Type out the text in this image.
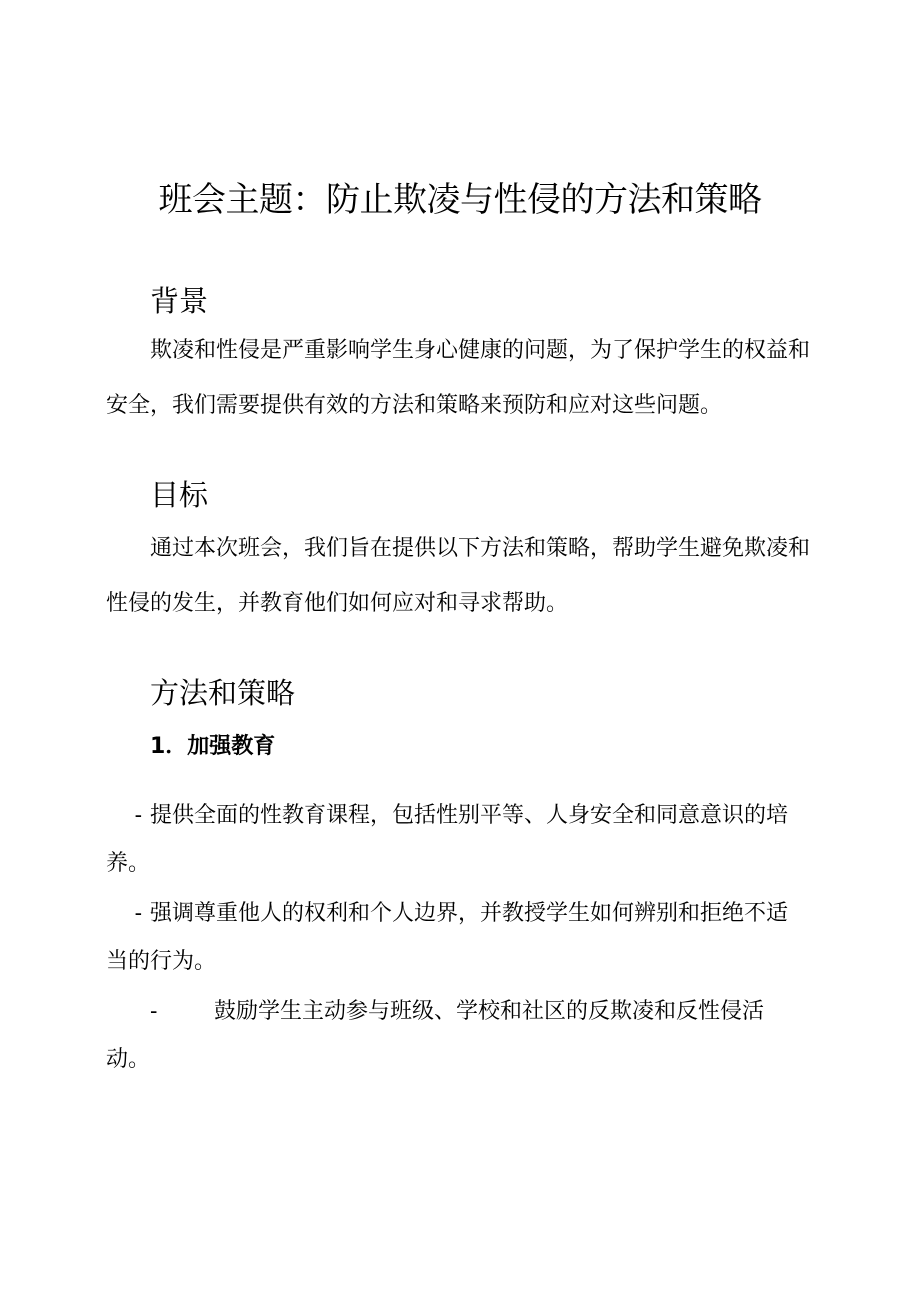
班会主题：防止欺凌与性侵的方法和策略
背景

欺凌和性侵是严重影响学生身心健康的问题，为了保护学生的权益和安全，我们需要提供有效的方法和策略来预防和应对这些问题。

目标

通过本次班会，我们旨在提供以下方法和策略，帮助学生避免欺凌和性侵的发生，并教育他们如何应对和寻求帮助。

方法和策略
1．加强教育

- 提供全面的性教育课程，包括性别平等、人身安全和同意意识的培养。

- 强调尊重他人的权利和个人边界，并教授学生如何辨别和拒绝不适当的行为。

-	鼓励学生主动参与班级、学校和社区的反欺凌和反性侵活动。
